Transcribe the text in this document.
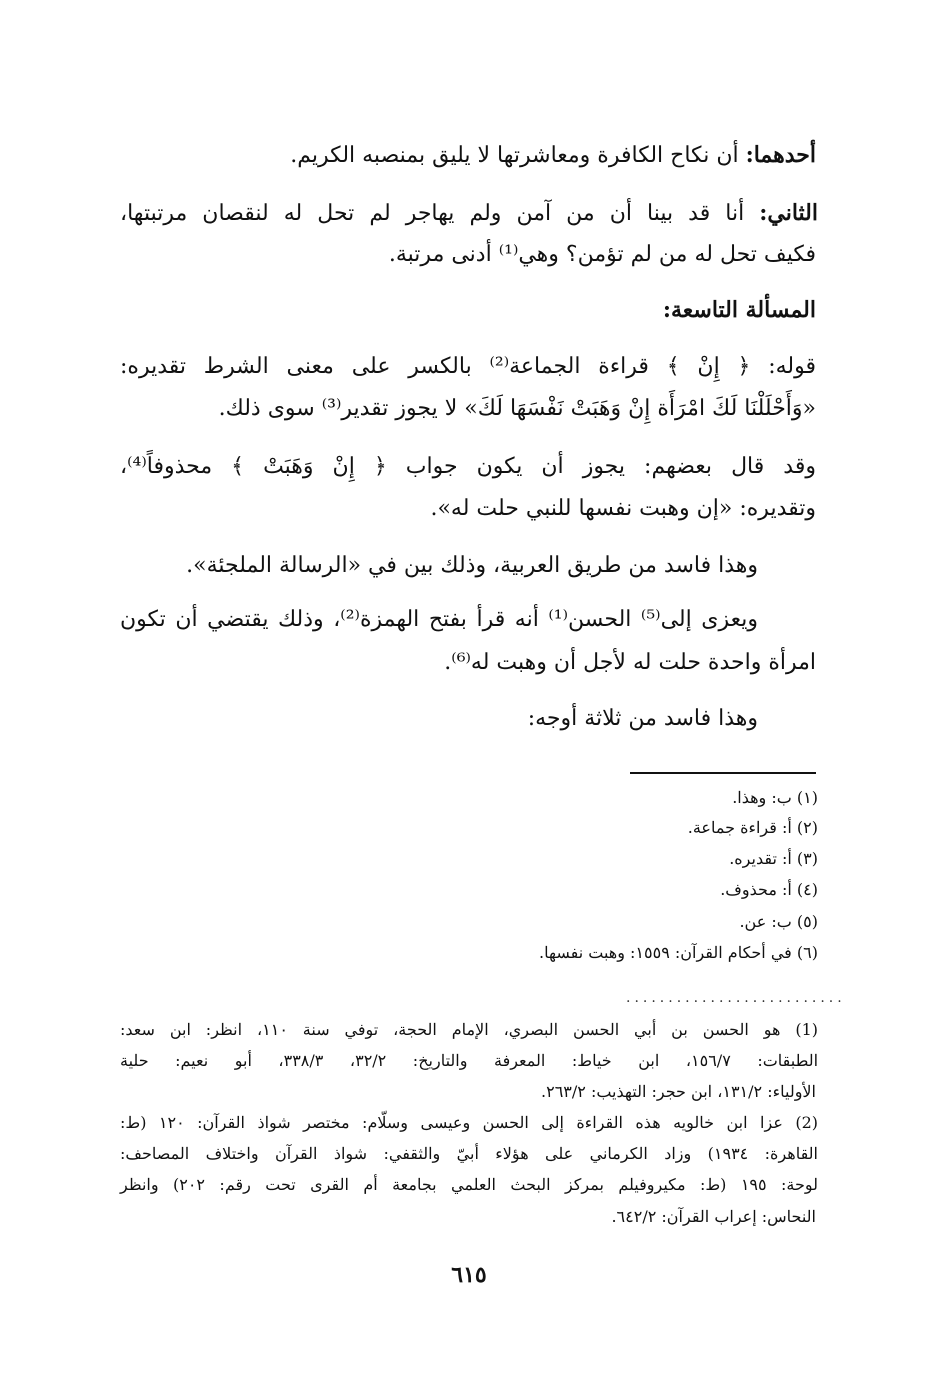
أحدهما: أن نكاح الكافرة ومعاشرتها لا يليق بمنصبه الكريم.
الثاني: أنا قد بينا أن من آمن ولم يهاجر لم تحل له لنقصان مرتبتها،
فكيف تحل له من لم تؤمن؟ وهي⁽¹⁾ أدنى مرتبة.
المسألة التاسعة:
قوله: ﴿ إِنْ ﴾ قراءة الجماعة⁽²⁾ بالكسر على معنى الشرط تقديره:
«وَأَحْلَلْنَا لَكَ امْرَأَة إِنْ وَهَبَتْ نَفْسَهَا لَكَ» لا يجوز تقدير⁽³⁾ سوى ذلك.
وقد قال بعضهم: يجوز أن يكون جواب ﴿ إِنْ وَهَبَتْ ﴾ محذوفاً⁽⁴⁾،
وتقديره: «إن وهبت نفسها للنبي حلت له».
وهذا فاسد من طريق العربية، وذلك بين في «الرسالة الملجئة».
ويعزى إلى⁽⁵⁾ الحسن⁽¹⁾ أنه قرأ بفتح الهمزة⁽²⁾، وذلك يقتضي أن تكون
امرأة واحدة حلت له لأجل أن وهبت له⁽⁶⁾.
وهذا فاسد من ثلاثة أوجه:
(١) ب: وهذا.
(٢) أ: قراءة جماعة.
(٣) أ: تقديره.
(٤) أ: محذوف.
(٥) ب: عن.
(٦) في أحكام القرآن: ١٥٥٩: وهبت نفسها.
..........................
(1) هو الحسن بن أبي الحسن البصري، الإمام الحجة، توفي سنة ١١٠، انظر: ابن سعد:
الطبقات: ١٥٦/٧، ابن خياط: المعرفة والتاريخ: ٣٢/٢، ٣٣٨/٣، أبو نعيم: حلية
الأولياء: ١٣١/٢، ابن حجر: التهذيب: ٢٦٣/٢.
(2) عزا ابن خالويه هذه القراءة إلى الحسن وعيسى وسلّام: مختصر شواذ القرآن: ١٢٠ (ط:
القاهرة: ١٩٣٤) وزاد الكرماني على هؤلاء أبيّ والثقفي: شواذ القرآن واختلاف المصاحف:
لوحة: ١٩٥ (ط: مكيروفيلم بمركز البحث العلمي بجامعة أم القرى تحت رقم: ٢٠٢) وانظر
النحاس: إعراب القرآن: ٦٤٢/٢.
٦١٥
